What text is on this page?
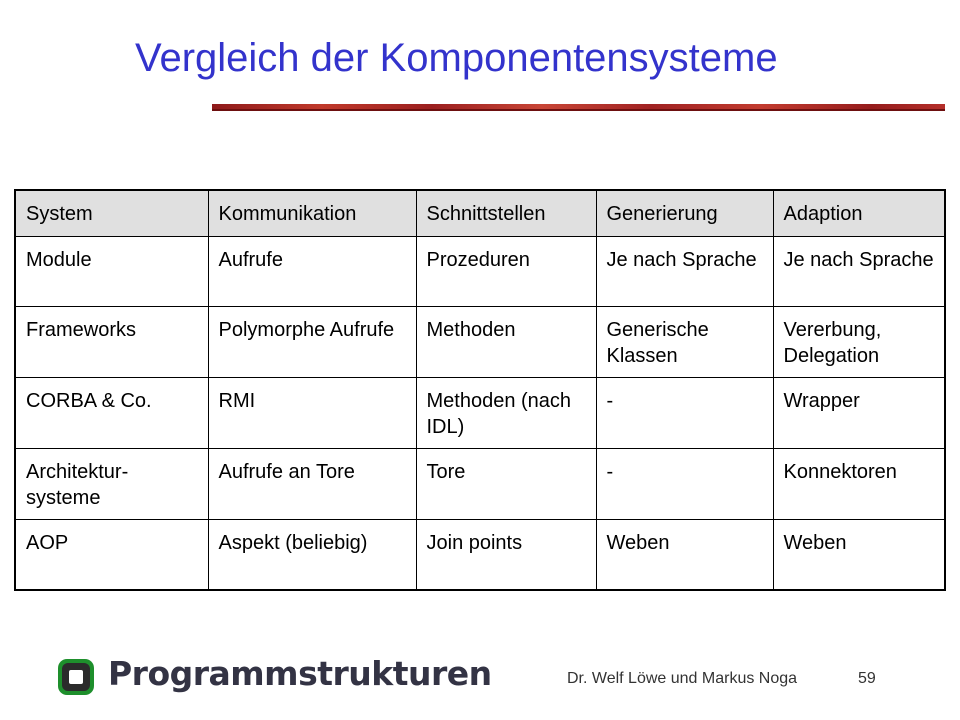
Vergleich der Komponentensysteme
System	Kommunikation	Schnittstellen	Generierung	Adaption
Module	Aufrufe	Prozeduren	Je nach Sprache	Je nach Sprache
Frameworks	Polymorphe Aufrufe	Methoden	Generische Klassen	Vererbung, Delegation
CORBA & Co.	RMI	Methoden (nach IDL)	-	Wrapper
Architektur-systeme	Aufrufe an Tore	Tore	-	Konnektoren
AOP	Aspekt (beliebig)	Join points	Weben	Weben
Programmstrukturen	Dr. Welf Löwe und Markus Noga	59
